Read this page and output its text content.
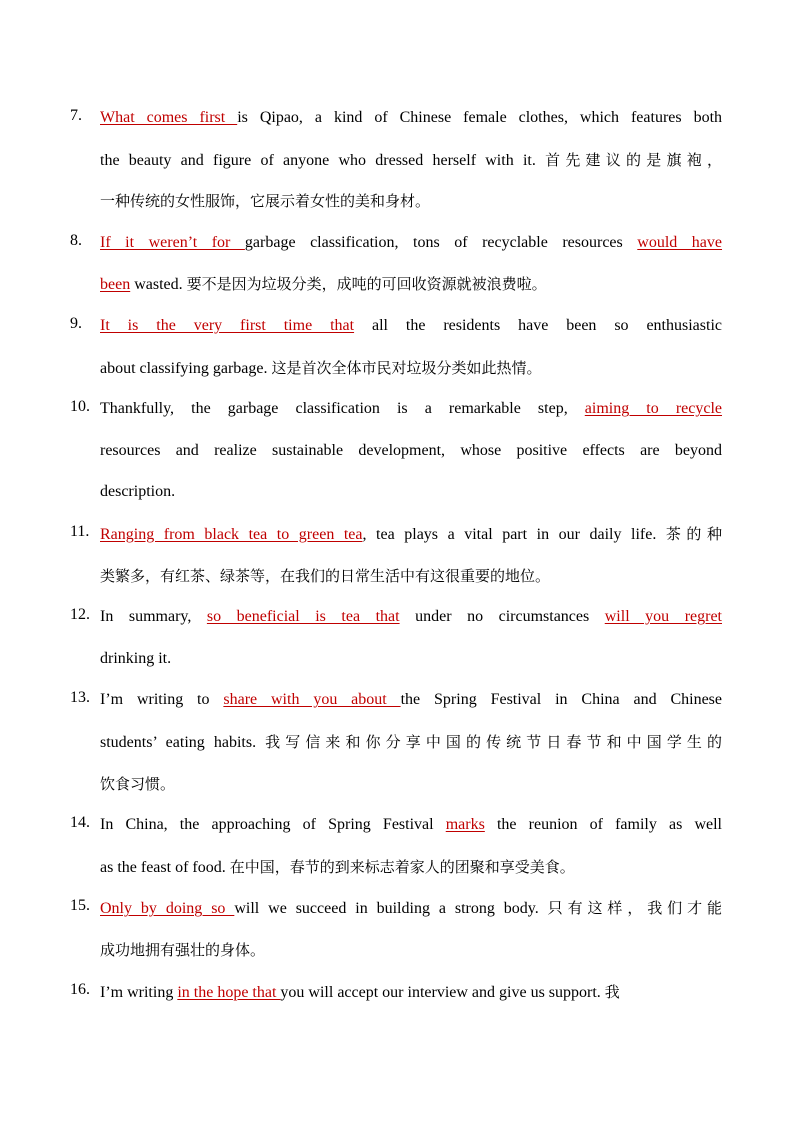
7.	What comes first is Qipao, a kind of Chinese female clothes, which features both
the beauty and figure of anyone who dressed herself with it. 首先建议的是旗袍，
一种传统的女性服饰，它展示着女性的美和身材。
8.	If it weren’t for garbage classification, tons of recyclable resources would have
been wasted. 要不是因为垃圾分类，成吨的可回收资源就被浪费啦。
9.	It is the very first time that all the residents have been so enthusiastic
about classifying garbage. 这是首次全体市民对垃圾分类如此热情。
10. Thankfully, the garbage classification is a remarkable step, aiming to recycle
resources and realize sustainable development, whose positive effects are beyond
description.
11. Ranging from black tea to green tea, tea plays a vital part in our daily life. 茶的种
类繁多，有红茶、绿茶等，在我们的日常生活中有这很重要的地位。
12. In summary, so beneficial is tea that under no circumstances will you regret
drinking it.
13. I’m writing to share with you about the Spring Festival in China and Chinese
students’ eating habits. 我写信来和你分享中国的传统节日春节和中国学生的
饮食习惯。
14. In China, the approaching of Spring Festival marks the reunion of family as well
as the feast of food. 在中国，春节的到来标志着家人的团聚和享受美食。
15. Only by doing so will we succeed in building a strong body. 只有这样，我们才能
成功地拥有强壮的身体。
16. I’m writing in the hope that you will accept our interview and give us support. 我
